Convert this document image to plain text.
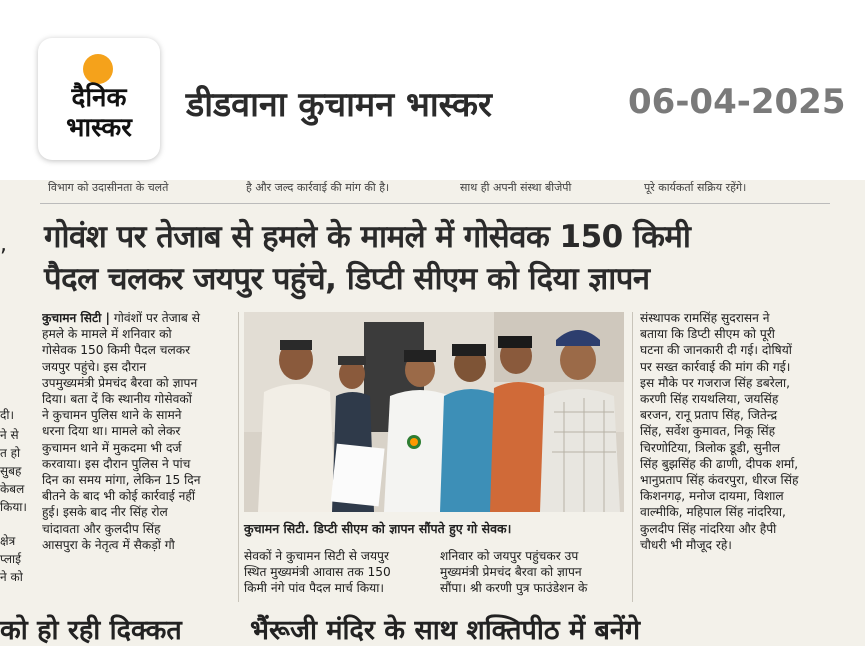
दैनिक
भास्कर
डीडवाना कुचामन भास्कर	06-04-2025
विभाग को उदासीनता के चलते	है और जल्द कार्रवाई की मांग की है।	साथ ही अपनी संस्था बीजेपी	पूरे कार्यकर्ता सक्रिय रहेंगे।
गोवंश पर तेजाब से हमले के मामले में गोसेवक 150 किमी
पैदल चलकर जयपुर पहुंचे, डिप्टी सीएम को दिया ज्ञापन
,
दी।
ने से
त हो
सुबह
केबल
किया।
क्षेत्र
प्लाई
ने को
कुचामन सिटी | गोवंशों पर तेजाब से
हमले के मामले में शनिवार को
गोसेवक 150 किमी पैदल चलकर
जयपुर पहुंचे। इस दौरान
उपमुख्यमंत्री प्रेमचंद बैरवा को ज्ञापन
दिया। बता दें कि स्थानीय गोसेवकों
ने कुचामन पुलिस थाने के सामने
धरना दिया था। मामले को लेकर
कुचामन थाने में मुकदमा भी दर्ज
करवाया। इस दौरान पुलिस ने पांच
दिन का समय मांगा, लेकिन 15 दिन
बीतने के बाद भी कोई कार्रवाई नहीं
हुई। इसके बाद नीर सिंह रोल
चांदावता और कुलदीप सिंह
आसपुरा के नेतृत्व में सैकड़ों गौ
कुचामन सिटी. डिप्टी सीएम को ज्ञापन सौंपते हुए गो सेवक।
सेवकों ने कुचामन सिटी से जयपुर
स्थित मुख्यमंत्री आवास तक 150
किमी नंगे पांव पैदल मार्च किया।
शनिवार को जयपुर पहुंचकर उप
मुख्यमंत्री प्रेमचंद बैरवा को ज्ञापन
सौंपा। श्री करणी पुत्र फाउंडेशन के
संस्थापक रामसिंह सुदरासन ने
बताया कि डिप्टी सीएम को पूरी
घटना की जानकारी दी गई। दोषियों
पर सख्त कार्रवाई की मांग की गई।
इस मौके पर गजराज सिंह डबरेला,
करणी सिंह रायथलिया, जयसिंह
बरजन, रानू प्रताप सिंह, जितेन्द्र
सिंह, सर्वेश कुमावत, निकू सिंह
चिरणोटिया, त्रिलोक डूडी, सुनील
सिंह बुझसिंह की ढाणी, दीपक शर्मा,
भानुप्रताप सिंह कंवरपुरा, धीरज सिंह
किशनगढ़, मनोज दायमा, विशाल
वाल्मीकि, महिपाल सिंह नांदरिया,
कुलदीप सिंह नांदरिया और हैपी
चौधरी भी मौजूद रहे।
को हो रही दिक्कत	भैंरूजी मंदिर के साथ शक्तिपीठ में बनेंगे
